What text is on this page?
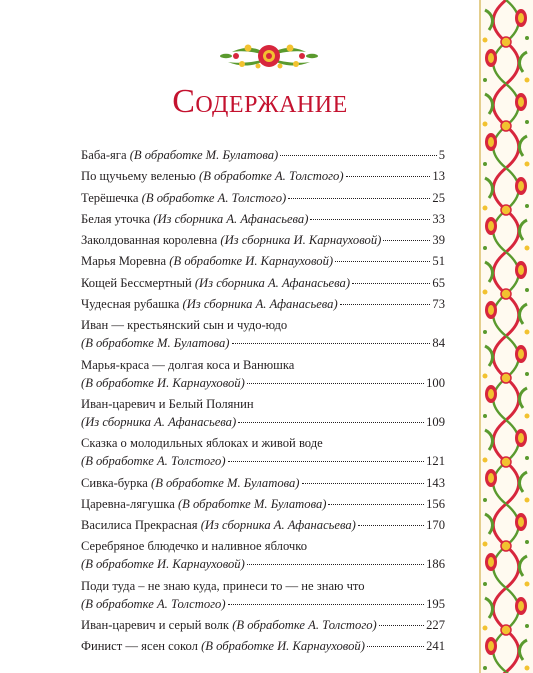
Содержание
Баба-яга
(В обработке М. Булатова)	5
По щучьему веленью
(В обработке А. Толстого)	13
Терёшечка
(В обработке А. Толстого)	25
Белая уточка
(Из сборника А. Афанасьева)	33
Заколдованная королевна
(Из сборника И. Карнауховой)	39
Марья Моревна
(В обработке И. Карнауховой)	51
Кощей Бессмертный
(Из сборника А. Афанасьева)	65
Чудесная рубашка
(Из сборника А. Афанасьева)	73
Иван — крестьянский сын и чудо-юдо
(В обработке М. Булатова)	84
Марья-краса — долгая коса и Ванюшка
(В обработке И. Карнауховой)	100
Иван-царевич и Белый Полянин
(Из сборника А. Афанасьева)	109
Сказка о молодильных яблоках и живой воде
(В обработке А. Толстого)	121
Сивка-бурка
(В обработке М. Булатова)	143
Царевна-лягушка
(В обработке М. Булатова)	156
Василиса Прекрасная
(Из сборника А. Афанасьева)	170
Серебряное блюдечко и наливное яблочко
(В обработке И. Карнауховой)	186
Поди туда – не знаю куда, принеси то — не знаю что
(В обработке А. Толстого)	195
Иван-царевич и серый волк
(В обработке А. Толстого)	227
Финист — ясен сокол
(В обработке И. Карнауховой)	241
